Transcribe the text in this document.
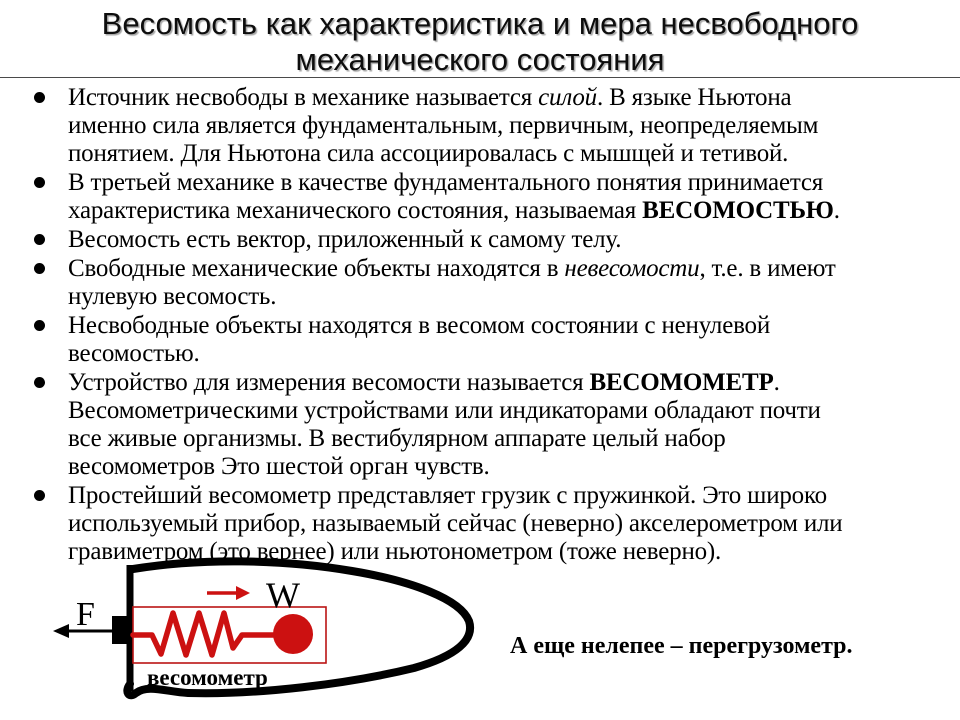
Весомость как характеристика и мера несвободного
механического состояния
Источник несвободы в механике называется силой. В языке Ньютона
именно сила является фундаментальным, первичным, неопределяемым
понятием. Для Ньютона сила ассоциировалась с мышщей и тетивой.
В третьей механике в качестве фундаментального понятия принимается
характеристика механического состояния, называемая ВЕСОМОСТЬЮ.
Весомость есть вектор, приложенный к самому телу.
Свободные механические объекты находятся в невесомости, т.е. в имеют
нулевую весомость.
Несвободные объекты находятся в весомом состоянии с ненулевой
весомостью.
Устройство для измерения весомости называется ВЕСОМОМЕТР.
Весомометрическими устройствами или индикаторами обладают почти
все живые организмы. В вестибулярном аппарате целый набор
весомометров Это шестой орган чувств.
Простейший весомометр представляет грузик с пружинкой. Это широко
используемый прибор, называемый сейчас (неверно) акселерометром или
гравиметром (это вернее) или ньютонометром (тоже неверно).
F	W
весомометр
А еще нелепее – перегрузометр.
